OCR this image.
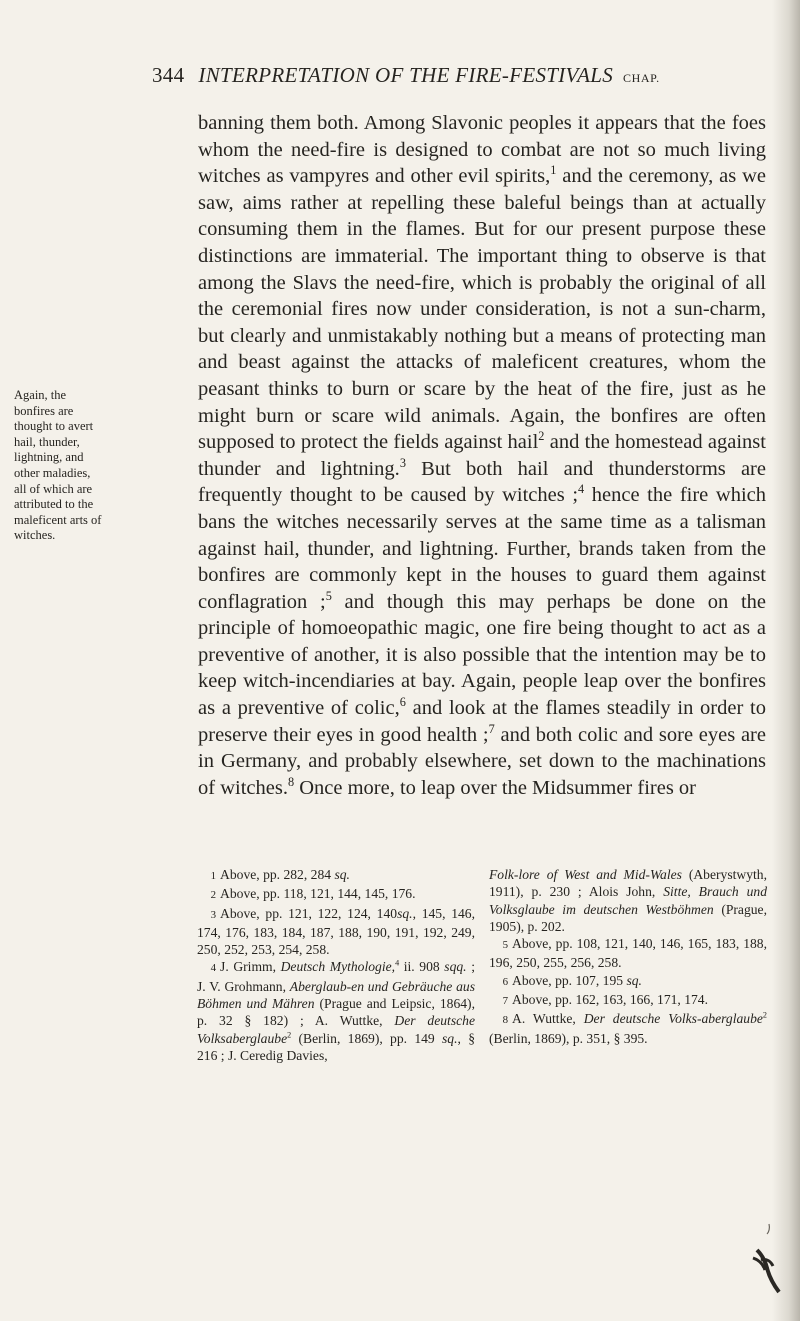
344 INTERPRETATION OF THE FIRE-FESTIVALS CHAP.
Again, the bonfires are thought to avert hail, thunder, lightning, and other maladies, all of which are attributed to the maleficent arts of witches.

banning them both. Among Slavonic peoples it appears that the foes whom the need-fire is designed to combat are not so much living witches as vampyres and other evil spirits,$^1$ and the ceremony, as we saw, aims rather at repelling these baleful beings than at actually consuming them in the flames. But for our present purpose these distinctions are immaterial. The important thing to observe is that among the Slavs the need-fire, which is probably the original of all the ceremonial fires now under consideration, is not a sun-charm, but clearly and unmistakably nothing but a means of protecting man and beast against the attacks of maleficent creatures, whom the peasant thinks to burn or scare by the heat of the fire, just as he might burn or scare wild animals. Again, the bonfires are often supposed to protect the fields against hail$^2$ and the homestead against thunder and lightning.$^3$ But both hail and thunderstorms are frequently thought to be caused by witches ;$^4$ hence the fire which bans the witches necessarily serves at the same time as a talisman against hail, thunder, and lightning. Further, brands taken from the bonfires are commonly kept in the houses to guard them against conflagration ;$^5$ and though this may perhaps be done on the principle of homoeopathic magic, one fire being thought to act as a preventive of another, it is also possible that the intention may be to keep witch-incendiaries at bay. Again, people leap over the bonfires as a preventive of colic,$^6$ and look at the flames steadily in order to preserve their eyes in good health ;$^7$ and both colic and sore eyes are in Germany, and probably elsewhere, set down to the machinations of witches.$^8$ Once more, to leap over the Midsummer fires or

1 Above, pp. 282, 284 sq.

2 Above, pp. 118, 121, 144, 145, 176.

3 Above, pp. 121, 122, 124, 140sq., 145, 146, 174, 176, 183, 184, 187, 188, 190, 191, 192, 249, 250, 252, 253, 254, 258.

4 J. Grimm, Deutsch Mythologie,$^4$ ii. 908 sqq. ; J. V. Grohmann, Aberglaub-en und Gebräuche aus Böhmen und Mähren (Prague and Leipsic, 1864), p. 32 § 182) ; A. Wuttke, Der deutsche Volksaberglaube$^2$ (Berlin, 1869), pp. 149 sq., § 216 ; J. Ceredig Davies,

Folk-lore of West and Mid-Wales (Aberystwyth, 1911), p. 230 ; Alois John, Sitte, Brauch und Volksglaube im deutschen Westböhmen (Prague, 1905), p. 202.

5 Above, pp. 108, 121, 140, 146, 165, 183, 188, 196, 250, 255, 256, 258.

6 Above, pp. 107, 195 sq.

7 Above, pp. 162, 163, 166, 171, 174.

8 A. Wuttke, Der deutsche Volks-aberglaube$^2$ (Berlin, 1869), p. 351, § 395.
